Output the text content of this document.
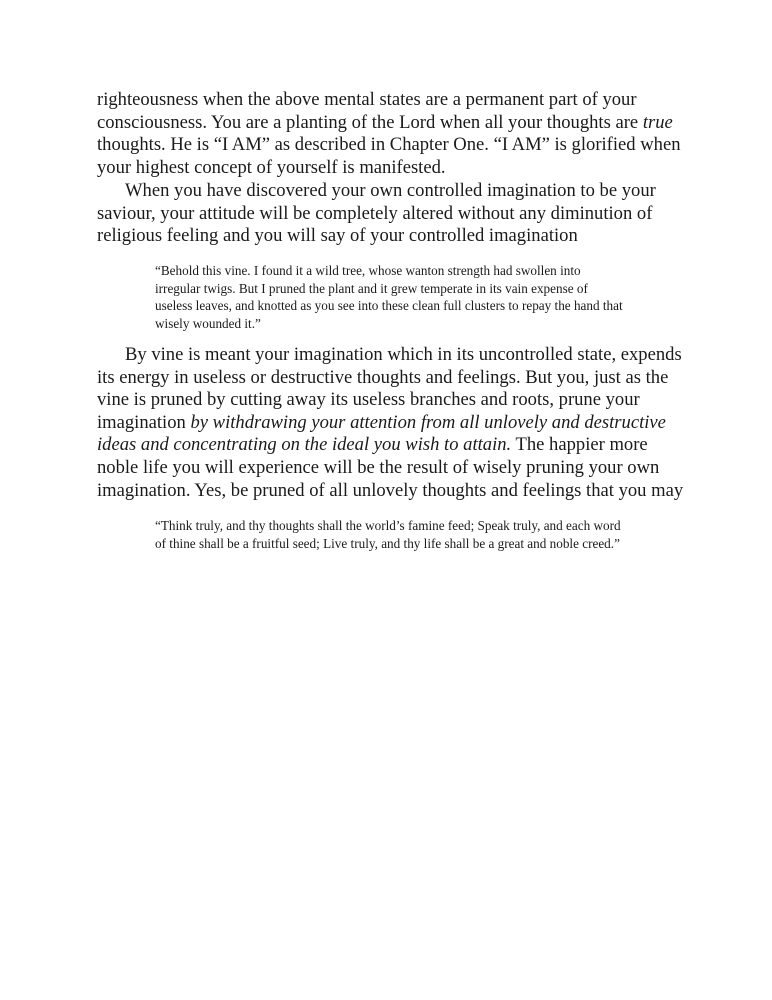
righteousness when the above mental states are a permanent part of your consciousness. You are a planting of the Lord when all your thoughts are true thoughts. He is “I AM” as described in Chapter One. “I AM” is glorified when your highest concept of yourself is manifested.

When you have discovered your own controlled imagination to be your saviour, your attitude will be completely altered without any diminution of religious feeling and you will say of your controlled imagination

“Behold this vine. I found it a wild tree, whose wanton strength had swollen into irregular twigs. But I pruned the plant and it grew temperate in its vain expense of useless leaves, and knotted as you see into these clean full clusters to repay the hand that wisely wounded it.”

By vine is meant your imagination which in its uncontrolled state, expends its energy in useless or destructive thoughts and feelings. But you, just as the vine is pruned by cutting away its useless branches and roots, prune your imagination by withdrawing your attention from all unlovely and destructive ideas and concentrating on the ideal you wish to attain. The happier more noble life you will experience will be the result of wisely pruning your own imagination. Yes, be pruned of all unlovely thoughts and feelings that you may

“Think truly, and thy thoughts shall the world’s famine feed; Speak truly, and each word of thine shall be a fruitful seed; Live truly, and thy life shall be a great and noble creed.”
